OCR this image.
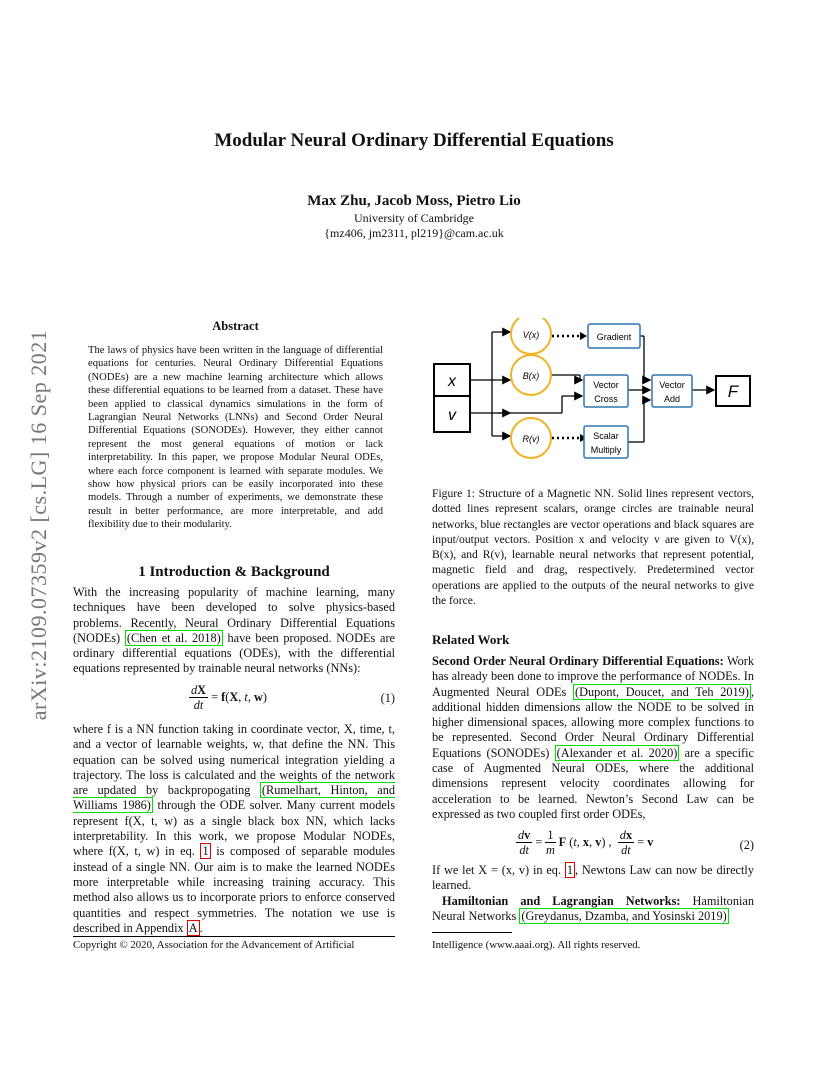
arXiv:2109.07359v2 [cs.LG] 16 Sep 2021
Modular Neural Ordinary Differential Equations
Max Zhu, Jacob Moss, Pietro Lio
University of Cambridge
{mz406, jm2311, pl219}@cam.ac.uk
Abstract
The laws of physics have been written in the language of differential equations for centuries. Neural Ordinary Differential Equations (NODEs) are a new machine learning architecture which allows these differential equations to be learned from a dataset. These have been applied to classical dynamics simulations in the form of Lagrangian Neural Networks (LNNs) and Second Order Neural Differential Equations (SONODEs). However, they either cannot represent the most general equations of motion or lack interpretability. In this paper, we propose Modular Neural ODEs, where each force component is learned with separate modules. We show how physical priors can be easily incorporated into these models. Through a number of experiments, we demonstrate these result in better performance, are more interpretable, and add flexibility due to their modularity.
1 Introduction & Background
With the increasing popularity of machine learning, many techniques have been developed to solve physics-based problems. Recently, Neural Ordinary Differential Equations (NODEs) (Chen et al. 2018) have been proposed. NODEs are ordinary differential equations (ODEs), with the differential equations represented by trainable neural networks (NNs):
$\frac{dX}{dt} = f(X$, t, w)	(1)
where f is a NN function taking in coordinate vector, X, time, t, and a vector of learnable weights, w, that define the NN. This equation can be solved using numerical integration yielding a trajectory. The loss is calculated and the weights of the network are updated by backpropogating (Rumelhart, Hinton, and Williams 1986) through the ODE solver. Many current models represent f(X, t, w) as a single black box NN, which lacks interpretability. In this work, we propose Modular NODEs, where f(X, t, w) in eq. 1 is composed of separable modules instead of a single NN. Our aim is to make the learned NODEs more interpretable while increasing training accuracy. This method also allows us to incorporate priors to enforce conserved quantities and respect symmetries. The notation we use is described in Appendix A .
Copyright © 2020, Association for the Advancement of Artificial	Intelligence (www.aaai.org). All rights reserved.
x
v
V(x)
B(x)
R(v)
Gradient
Vector
Cross
Scalar
Multiply
Vector
Add	F
Figure 1: Structure of a Magnetic NN. Solid lines represent vectors, dotted lines represent scalars, orange circles are trainable neural networks, blue rectangles are vector operations and black squares are input/output vectors. Position x and velocity v are given to V(x), B(x), and R(v), learnable neural networks that represent potential, magnetic field and drag, respectively. Predetermined vector operations are applied to the outputs of the neural networks to give the force.
Related Work
Second Order Neural Ordinary Differential Equations: Work has already been done to improve the performance of NODEs. In Augmented Neural ODEs (Dupont, Doucet, and Teh 2019) , additional hidden dimensions allow the NODE to be solved in higher dimensional spaces, allowing more complex functions to be represented. Second Order Neural Ordinary Differential Equations (SONODEs) (Alexander et al. 2020) are a specific case of Augmented Neural ODEs, where the additional dimensions represent velocity coordinates allowing for acceleration to be learned. Newton’s Second Law can be expressed as two coupled first order ODEs,
$\frac{dv}{dt} = \frac{1}{m}$ F (t, x, v) , $\frac{dx}{dt} = v$	(2)
If we let X = (x, v) in eq. 1 , Newtons Law can now be directly learned.
Hamiltonian and Lagrangian Networks: Hamiltonian Neural Networks (Greydanus, Dzamba, and Yosinski 2019)
